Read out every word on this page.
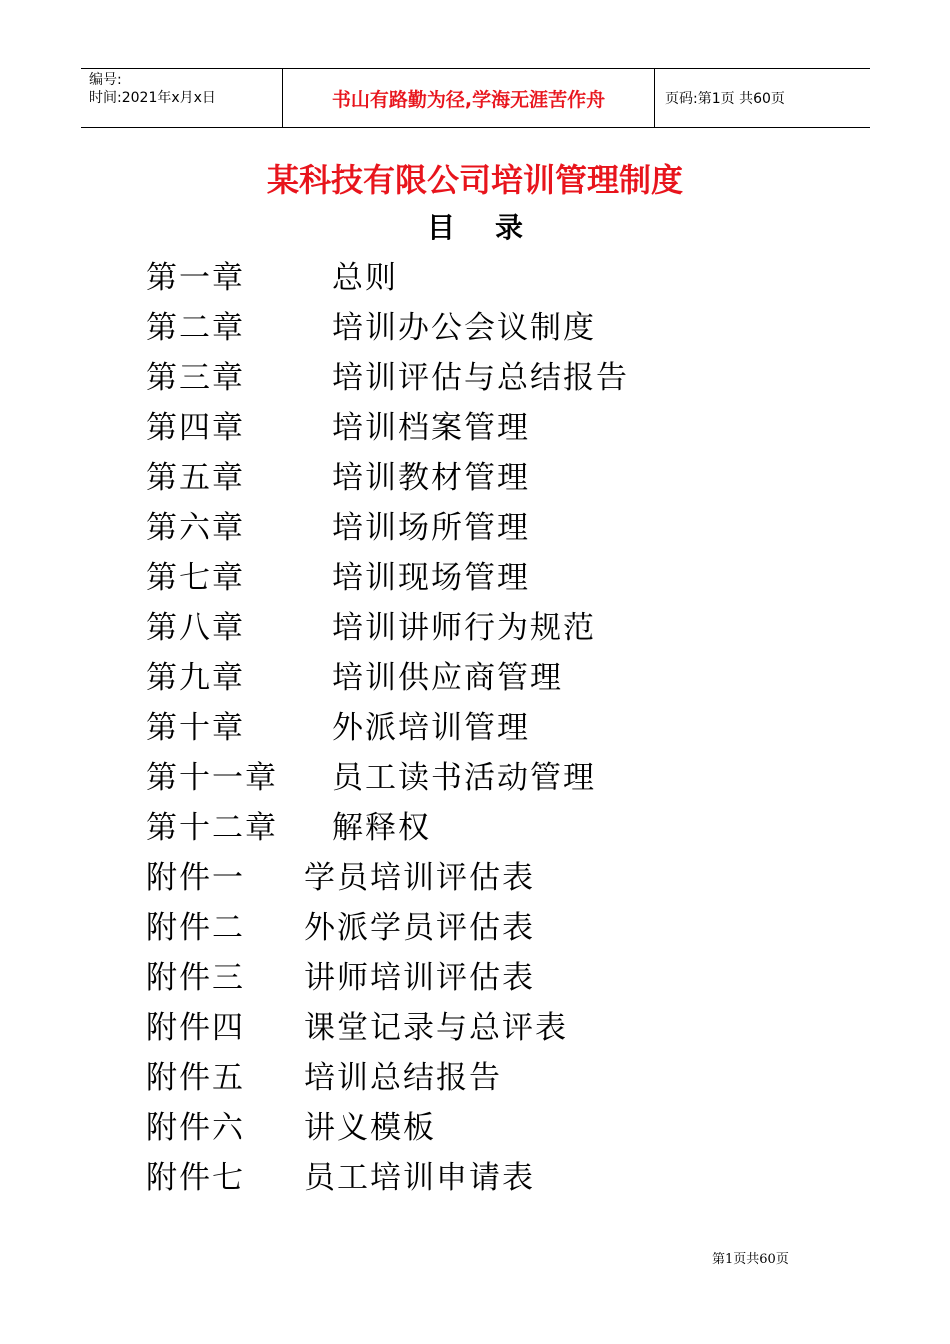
编号:
时间:2021年x月x日	书山有路勤为径,学海无涯苦作舟	页码:第1页 共60页
某科技有限公司培训管理制度
目录
第一章	总则
第二章	培训办公会议制度
第三章	培训评估与总结报告
第四章	培训档案管理
第五章	培训教材管理
第六章	培训场所管理
第七章	培训现场管理
第八章	培训讲师行为规范
第九章	培训供应商管理
第十章	外派培训管理
第十一章 员工读书活动管理
第十二章 解释权
附件一 学员培训评估表
附件二 外派学员评估表
附件三 讲师培训评估表
附件四 课堂记录与总评表
附件五 培训总结报告
附件六 讲义模板
附件七 员工培训申请表
第1页共60页
